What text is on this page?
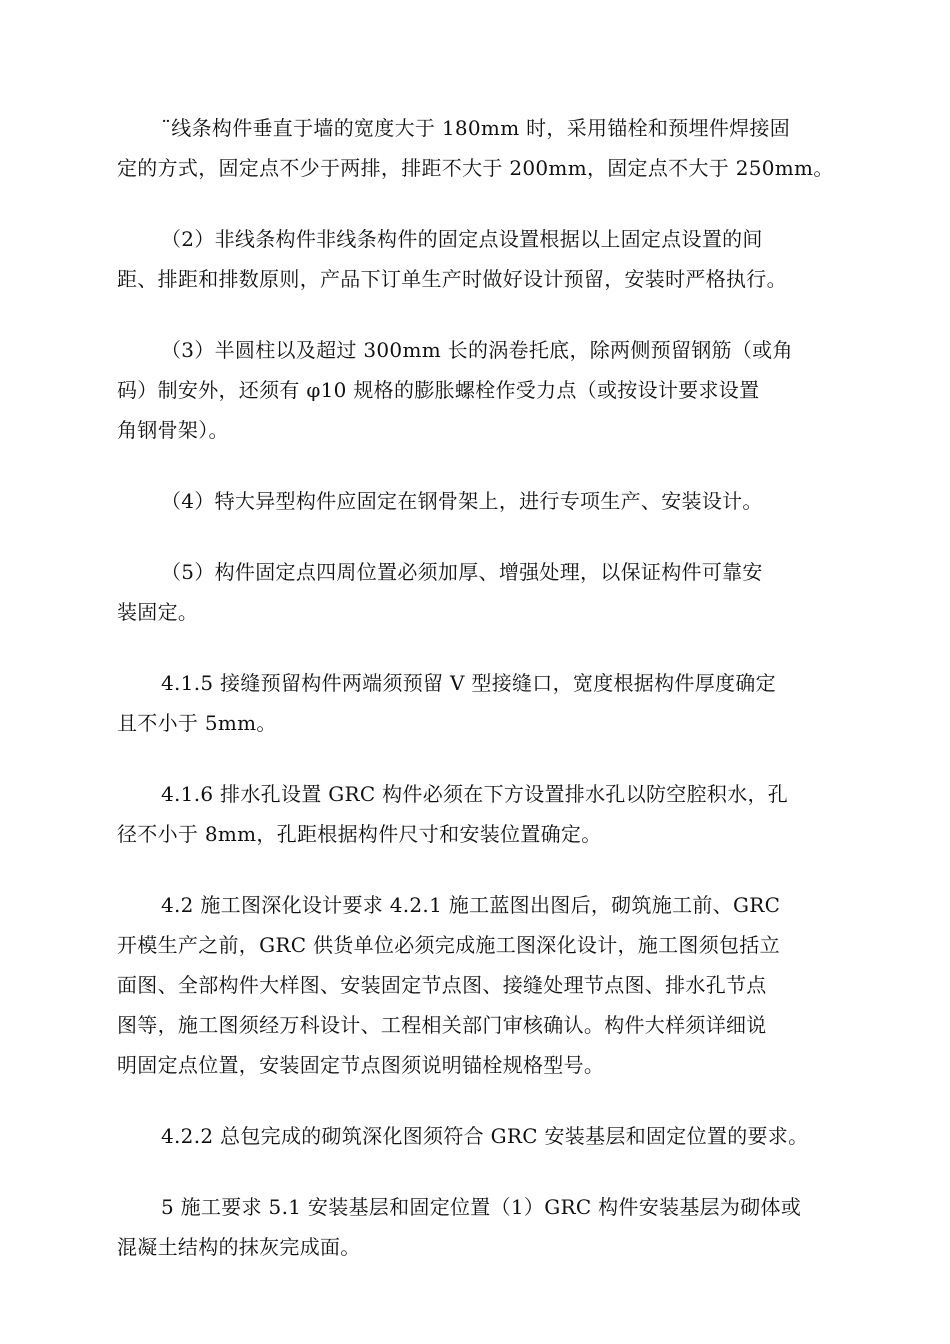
¨线条构件垂直于墙的宽度大于 180mm 时，采用锚栓和预埋件焊接固
定的方式，固定点不少于两排，排距不大于 200mm，固定点不大于 250mm。

（2）非线条构件非线条构件的固定点设置根据以上固定点设置的间
距、排距和排数原则，产品下订单生产时做好设计预留，安装时严格执行。

（3）半圆柱以及超过 300mm 长的涡卷托底，除两侧预留钢筋（或角
码）制安外，还须有 φ10 规格的膨胀螺栓作受力点（或按设计要求设置
角钢骨架）。

（4）特大异型构件应固定在钢骨架上，进行专项生产、安装设计。

（5）构件固定点四周位置必须加厚、增强处理，以保证构件可靠安
装固定。

4.1.5 接缝预留构件两端须预留 V 型接缝口，宽度根据构件厚度确定
且不小于 5mm。

4.1.6 排水孔设置 GRC 构件必须在下方设置排水孔以防空腔积水，孔
径不小于 8mm，孔距根据构件尺寸和安装位置确定。

4.2 施工图深化设计要求 4.2.1 施工蓝图出图后，砌筑施工前、GRC
开模生产之前，GRC 供货单位必须完成施工图深化设计，施工图须包括立
面图、全部构件大样图、安装固定节点图、接缝处理节点图、排水孔节点
图等，施工图须经万科设计、工程相关部门审核确认。构件大样须详细说
明固定点位置，安装固定节点图须说明锚栓规格型号。

4.2.2 总包完成的砌筑深化图须符合 GRC 安装基层和固定位置的要求。

5 施工要求 5.1 安装基层和固定位置（1）GRC 构件安装基层为砌体或
混凝土结构的抹灰完成面。
